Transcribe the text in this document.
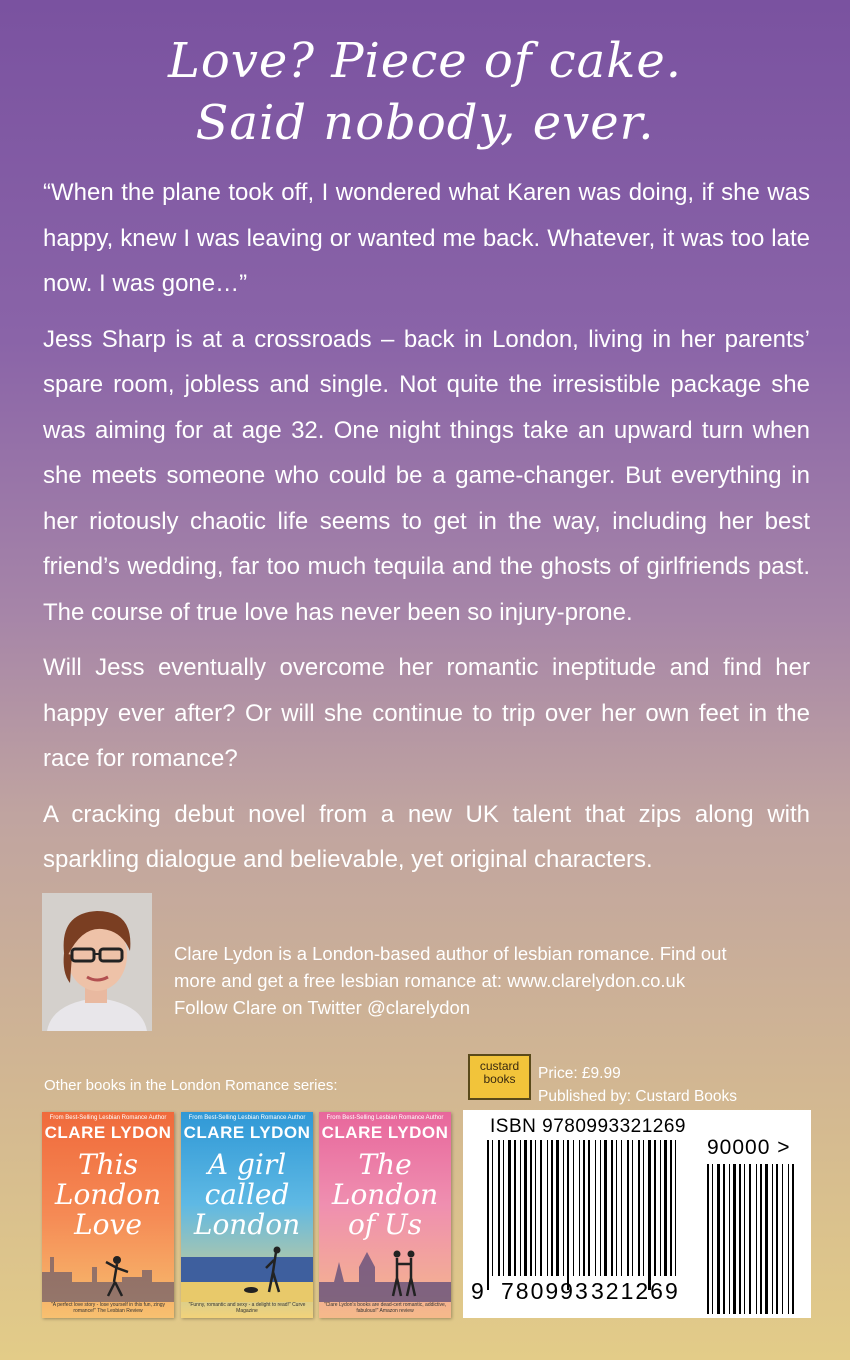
Love? Piece of cake.
Said nobody, ever.

“When the plane took off, I wondered what Karen was doing, if she was happy, knew I was leaving or wanted me back. Whatever, it was too late now. I was gone…”

Jess Sharp is at a crossroads – back in London, living in her parents’ spare room, jobless and single. Not quite the irresistible package she was aiming for at age 32. One night things take an upward turn when she meets someone who could be a game-changer. But everything in her riotously chaotic life seems to get in the way, including her best friend’s wedding, far too much tequila and the ghosts of girlfriends past. The course of true love has never been so injury-prone.

Will Jess eventually overcome her romantic ineptitude and find her happy ever after? Or will she continue to trip over her own feet in the race for romance?

A cracking debut novel from a new UK talent that zips along with sparkling dialogue and believable, yet original characters.

Clare Lydon is a London-based author of lesbian romance. Find out
more and get a free lesbian romance at: www.clarelydon.co.uk
Follow Clare on Twitter @clarelydon
Other books in the London Romance series:
From Best-Selling Lesbian Romance Author
CLARE LYDON
This
London
Love
"A perfect love story - lose yourself in this fun, zingy romance!" The Lesbian Review
From Best-Selling Lesbian Romance Author
CLARE LYDON
A girl
called
London
"Funny, romantic and sexy - a delight to read!" Curve Magazine
From Best-Selling Lesbian Romance Author
CLARE LYDON
The
London
of Us
"Clare Lydon's books are dead-cert romantic, addictive, fabulous!" Amazon review
custard
books	Price: £9.99
Published by: Custard Books
ISBN 9780993321269
90000 >
9 780993 321269
